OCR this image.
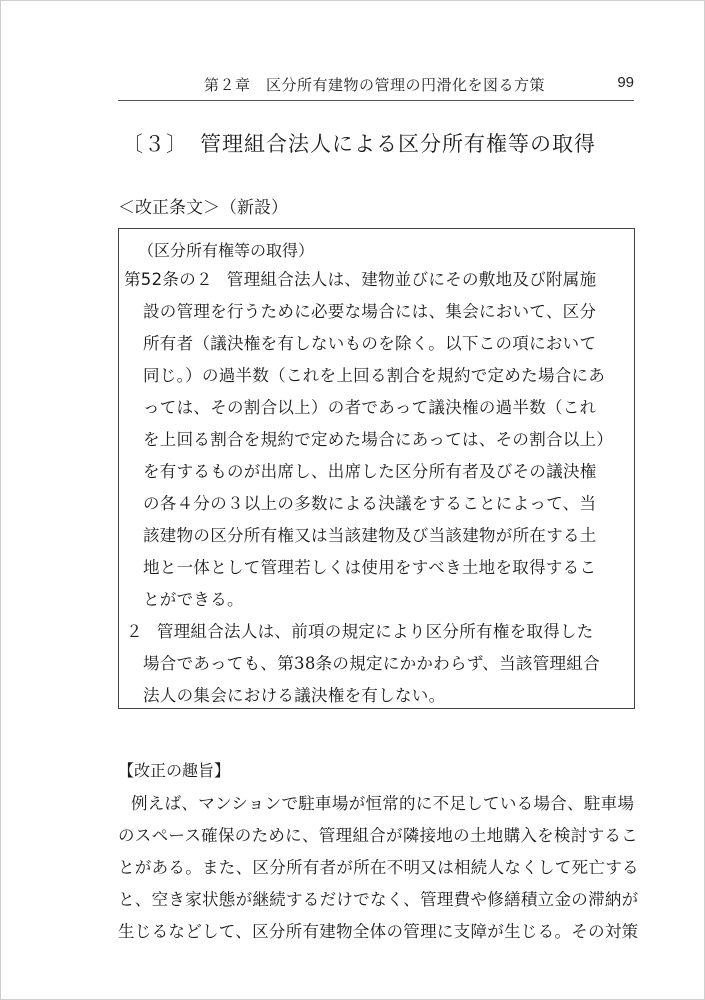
第２章　区分所有建物の管理の円滑化を図る方策	99
〔３〕 管理組合法人による区分所有権等の取得
＜改正条文＞（新設）
（区分所有権等の取得）
第52条の２ 管理組合法人は、建物並びにその敷地及び附属施
設の管理を行うために必要な場合には、集会において、区分
所有者（議決権を有しないものを除く。以下この項において
同じ。）の過半数（これを上回る割合を規約で定めた場合にあ
っては、その割合以上）の者であって議決権の過半数（これ
を上回る割合を規約で定めた場合にあっては、その割合以上）
を有するものが出席し、出席した区分所有者及びその議決権
の各４分の３以上の多数による決議をすることによって、当
該建物の区分所有権又は当該建物及び当該建物が所在する土
地と一体として管理若しくは使用をすべき土地を取得するこ
とができる。
２ 管理組合法人は、前項の規定により区分所有権を取得した
場合であっても、第38条の規定にかかわらず、当該管理組合
法人の集会における議決権を有しない。
【改正の趣旨】
例えば、マンションで駐車場が恒常的に不足している場合、駐車場
のスペース確保のために、管理組合が隣接地の土地購入を検討するこ
とがある。また、区分所有者が所在不明又は相続人なくして死亡する
と、空き家状態が継続するだけでなく、管理費や修繕積立金の滞納が
生じるなどして、区分所有建物全体の管理に支障が生じる。その対策
